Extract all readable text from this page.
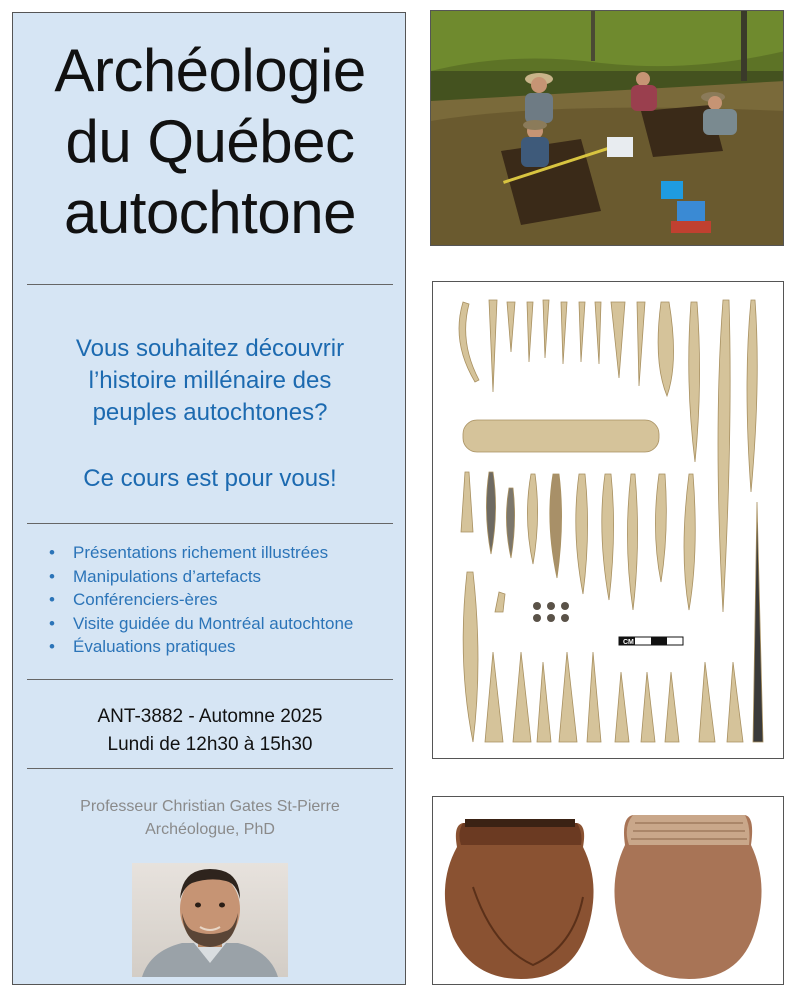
Archéologie
du Québec
autochtone
Vous souhaitez découvrir
l’histoire millénaire des
peuples autochtones?
Ce cours est pour vous!
• Présentations richement illustrées
• Manipulations d’artefacts
• Conférenciers-ères
• Visite guidée du Montréal autochtone
• Évaluations pratiques
ANT-3882 - Automne 2025
Lundi de 12h30 à 15h30
Professeur Christian Gates St-Pierre
Archéologue, PhD
CM
